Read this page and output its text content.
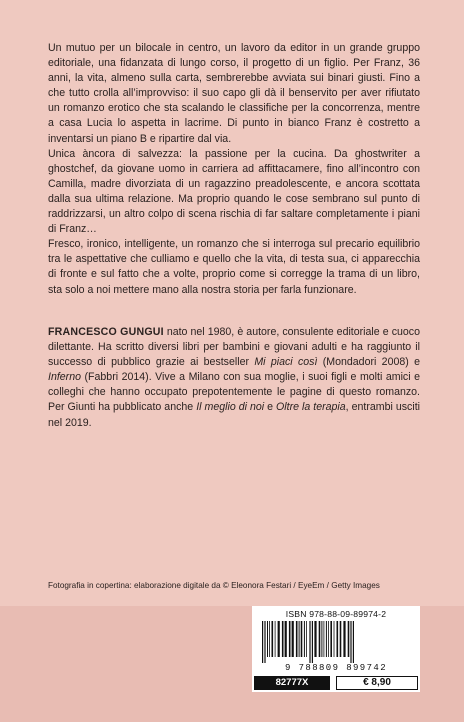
Un mutuo per un bilocale in centro, un lavoro da editor in un grande gruppo editoriale, una fidanzata di lungo corso, il progetto di un figlio. Per Franz, 36 anni, la vita, almeno sulla carta, sembrerebbe avviata sui binari giusti. Fino a che tutto crolla all’improvviso: il suo capo gli dà il benservito per aver rifiutato un romanzo erotico che sta scalando le classifiche per la concorrenza, mentre a casa Lucia lo aspetta in lacrime. Di punto in bianco Franz è costretto a inventarsi un piano B e ripartire dal via.

Unica àncora di salvezza: la passione per la cucina. Da ghostwriter a ghostchef, da giovane uomo in carriera ad affittacamere, fino all’incontro con Camilla, madre divorziata di un ragazzino preadolescente, e ancora scottata dalla sua ultima relazione. Ma proprio quando le cose sembrano sul punto di raddrizzarsi, un altro colpo di scena rischia di far saltare completamente i piani di Franz…

Fresco, ironico, intelligente, un romanzo che si interroga sul precario equilibrio tra le aspettative che culliamo e quello che la vita, di testa sua, ci apparecchia di fronte e sul fatto che a volte, proprio come si corregge la trama di un libro, sta solo a noi mettere mano alla nostra storia per farla funzionare.

FRANCESCO GUNGUI nato nel 1980, è autore, consulente editoriale e cuoco dilettante. Ha scritto diversi libri per bambini e giovani adulti e ha raggiunto il successo di pubblico grazie ai bestseller Mi piaci così (Mondadori 2008) e Inferno (Fabbri 2014). Vive a Milano con sua moglie, i suoi figli e molti amici e colleghi che hanno occupato prepotentemente le pagine di questo romanzo. Per Giunti ha pubblicato anche Il meglio di noi e Oltre la terapia, entrambi usciti nel 2019.

Fotografia in copertina: elaborazione digitale da © Eleonora Festari / EyeEm / Getty Images
ISBN 978-88-09-89974-2
9 788809 899742
82777X	€ 8,90
